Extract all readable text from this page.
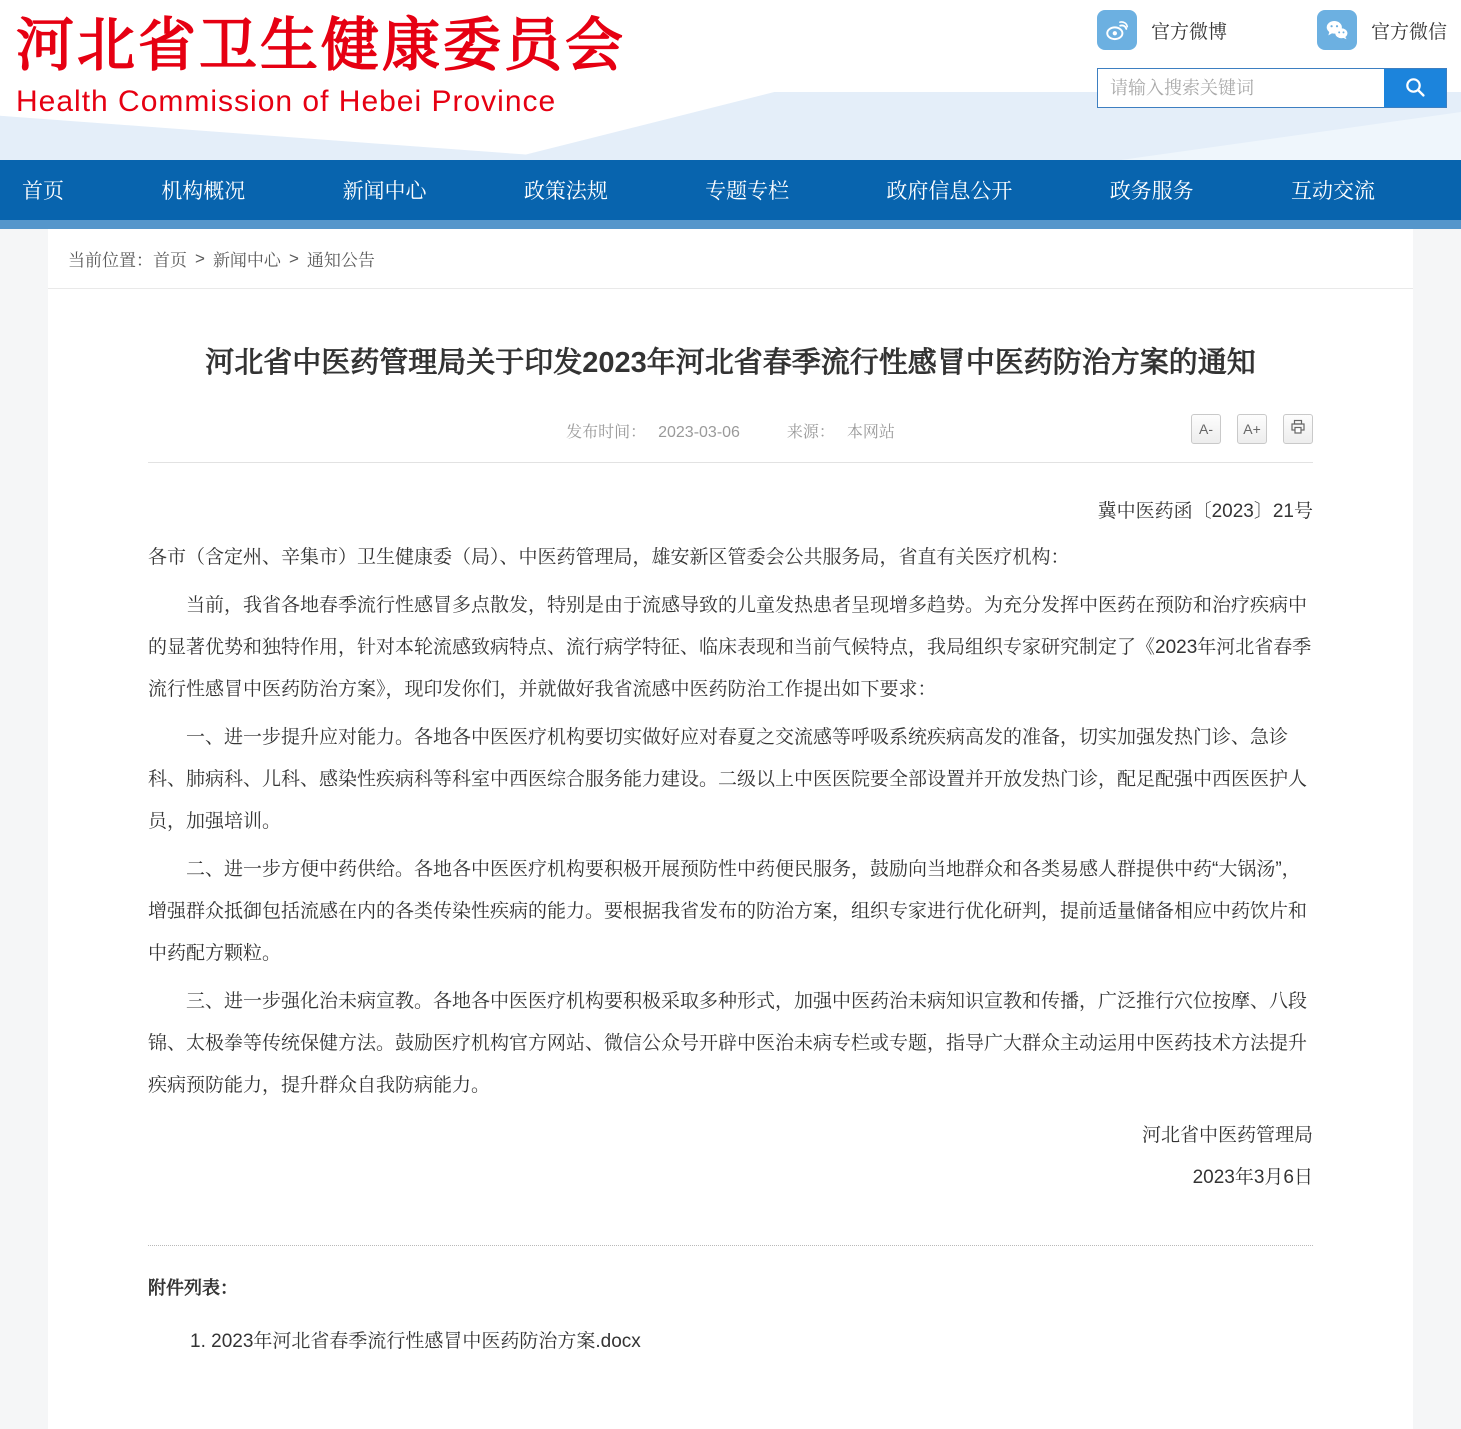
河北省卫生健康委员会
Health Commission of Hebei Province
官方微博	官方微信
请输入搜索关键词
首页	机构概况	新闻中心	政策法规	专题专栏	政府信息公开	政务服务	互动交流
当前位置： 首页 > 新闻中心 > 通知公告
河北省中医药管理局关于印发2023年河北省春季流行性感冒中医药防治方案的通知
发布时间： 2023-03-06	来源： 本网站	A-	A+

冀中医药函〔2023〕21号

各市（含定州、辛集市）卫生健康委（局）、中医药管理局，雄安新区管委会公共服务局，省直有关医疗机构：

当前，我省各地春季流行性感冒多点散发，特别是由于流感导致的儿童发热患者呈现增多趋势。为充分发挥中医药在预防和治疗疾病中的显著优势和独特作用，针对本轮流感致病特点、流行病学特征、临床表现和当前气候特点，我局组织专家研究制定了《2023年河北省春季流行性感冒中医药防治方案》，现印发你们，并就做好我省流感中医药防治工作提出如下要求：

一、进一步提升应对能力。各地各中医医疗机构要切实做好应对春夏之交流感等呼吸系统疾病高发的准备，切实加强发热门诊、急诊科、肺病科、儿科、感染性疾病科等科室中西医综合服务能力建设。二级以上中医医院要全部设置并开放发热门诊，配足配强中西医医护人员，加强培训。

二、进一步方便中药供给。各地各中医医疗机构要积极开展预防性中药便民服务，鼓励向当地群众和各类易感人群提供中药“大锅汤”，增强群众抵御包括流感在内的各类传染性疾病的能力。要根据我省发布的防治方案，组织专家进行优化研判，提前适量储备相应中药饮片和中药配方颗粒。

三、进一步强化治未病宣教。各地各中医医疗机构要积极采取多种形式，加强中医药治未病知识宣教和传播，广泛推行穴位按摩、八段锦、太极拳等传统保健方法。鼓励医疗机构官方网站、微信公众号开辟中医治未病专栏或专题，指导广大群众主动运用中医药技术方法提升疾病预防能力，提升群众自我防病能力。

河北省中医药管理局

2023年3月6日

附件列表：
1. 2023年河北省春季流行性感冒中医药防治方案.docx
